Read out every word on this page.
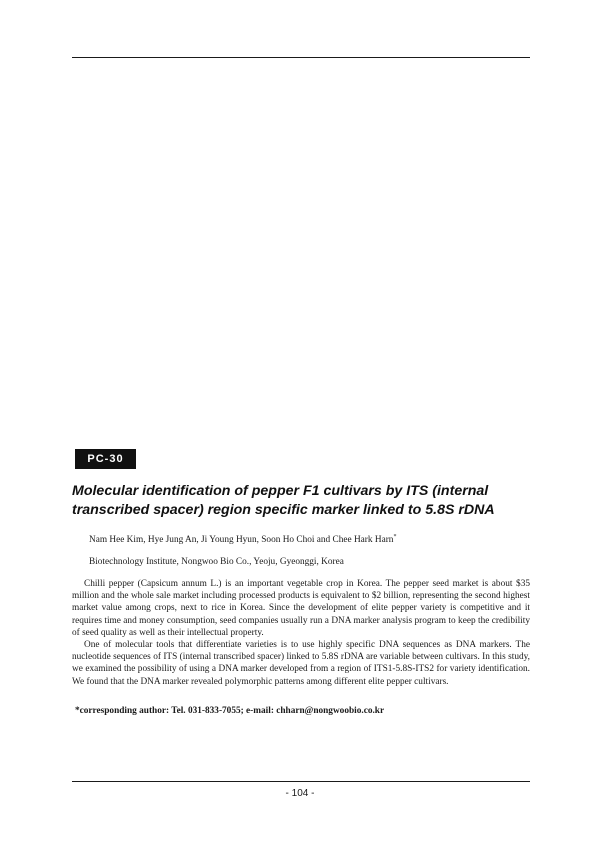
PC-30
Molecular identification of pepper F1 cultivars by ITS (internal transcribed spacer) region specific marker linked to 5.8S rDNA
Nam Hee Kim, Hye Jung An, Ji Young Hyun, Soon Ho Choi and Chee Hark Harn*
Biotechnology Institute, Nongwoo Bio Co., Yeoju, Gyeonggi, Korea

Chilli pepper (Capsicum annum L.) is an important vegetable crop in Korea. The pepper seed market is about $35 million and the whole sale market including processed products is equivalent to $2 billion, representing the second highest market value among crops, next to rice in Korea. Since the development of elite pepper variety is competitive and it requires time and money consumption, seed companies usually run a DNA marker analysis program to keep the credibility of seed quality as well as their intellectual property.

One of molecular tools that differentiate varieties is to use highly specific DNA sequences as DNA markers. The nucleotide sequences of ITS (internal transcribed spacer) linked to 5.8S rDNA are variable between cultivars. In this study, we examined the possibility of using a DNA marker developed from a region of ITS1-5.8S-ITS2 for variety identification. We found that the DNA marker revealed polymorphic patterns among different elite pepper cultivars.

*corresponding author: Tel. 031-833-7055; e-mail: chharn@nongwoobio.co.kr
- 104 -
